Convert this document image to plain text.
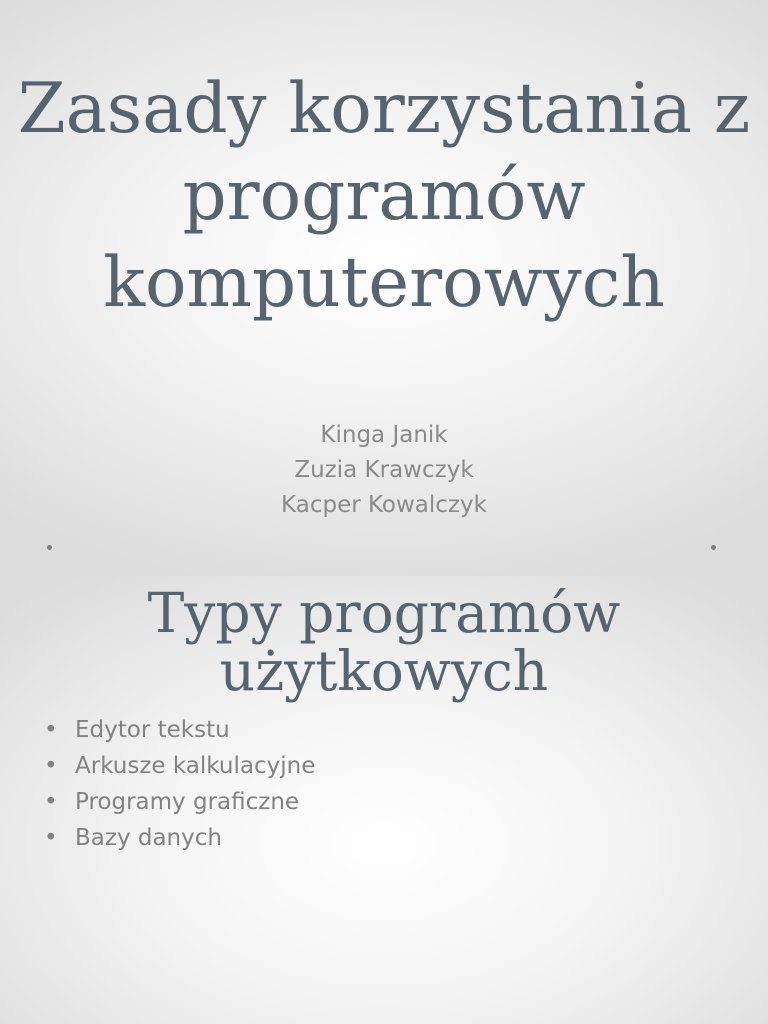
Zasady korzystania z programów komputerowych
Kinga Janik
Zuzia Krawczyk
Kacper Kowalczyk
Typy programów użytkowych
• Edytor tekstu
• Arkusze kalkulacyjne
• Programy graficzne
• Bazy danych
